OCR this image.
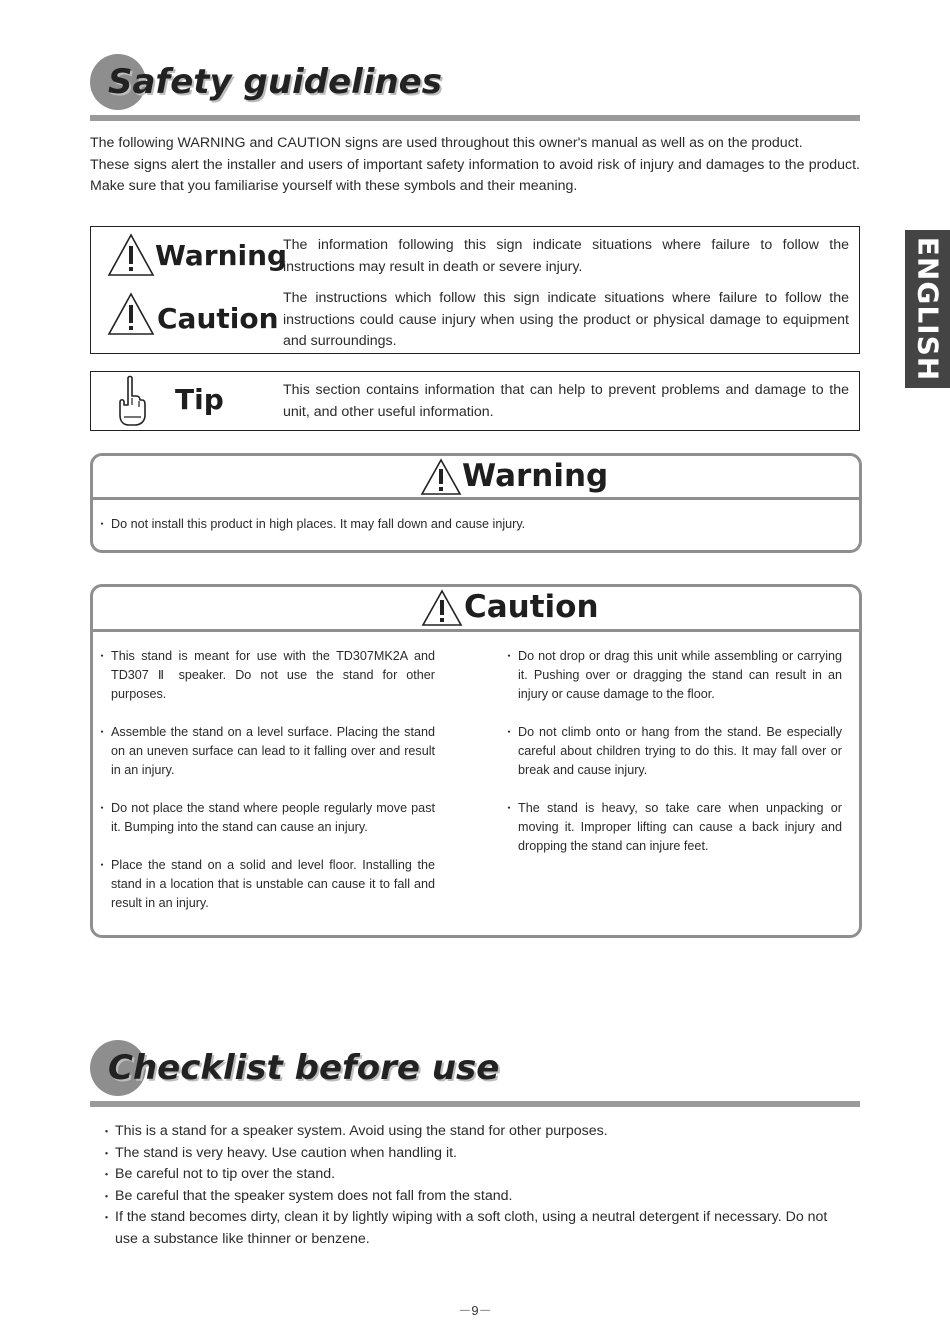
Safety guidelines

The following WARNING and CAUTION signs are used throughout this owner's manual as well as on the product.

These signs alert the installer and users of important safety information to avoid risk of injury and damages to the product. Make sure that you familiarise yourself with these symbols and their meaning.

Warning

The information following this sign indicate situations where failure to follow the instructions may result in death or severe injury.

Caution

The instructions which follow this sign indicate situations where failure to follow the instructions could cause injury when using the product or physical damage to equipment and surroundings.

Tip	This section contains information that can help to prevent problems and damage to the unit, and other useful information.

Warning
・ Do not install this product in high places. It may fall down and cause injury.
Caution
・ This stand is meant for use with the TD307MK2A and TD307 Ⅱ speaker. Do not use the stand for other purposes.
・ Assemble the stand on a level surface. Placing the stand on an uneven surface can lead to it falling over and result in an injury.
・ Do not place the stand where people regularly move past it. Bumping into the stand can cause an injury.
・ Place the stand on a solid and level floor. Installing the stand in a location that is unstable can cause it to fall and result in an injury.
・ Do not drop or drag this unit while assembling or carrying it. Pushing over or dragging the stand can result in an injury or cause damage to the floor.
・ Do not climb onto or hang from the stand. Be especially careful about children trying to do this. It may fall over or break and cause injury.
・ The stand is heavy, so take care when unpacking or moving it. Improper lifting can cause a back injury and dropping the stand can injure feet.
Checklist before use
・ This is a stand for a speaker system. Avoid using the stand for other purposes.
・ The stand is very heavy. Use caution when handling it.
・ Be careful not to tip over the stand.
・ Be careful that the speaker system does not fall from the stand.
・ If the stand becomes dirty, clean it by lightly wiping with a soft cloth, using a neutral detergent if necessary. Do not use a substance like thinner or benzene.
ENGLISH
－9－
